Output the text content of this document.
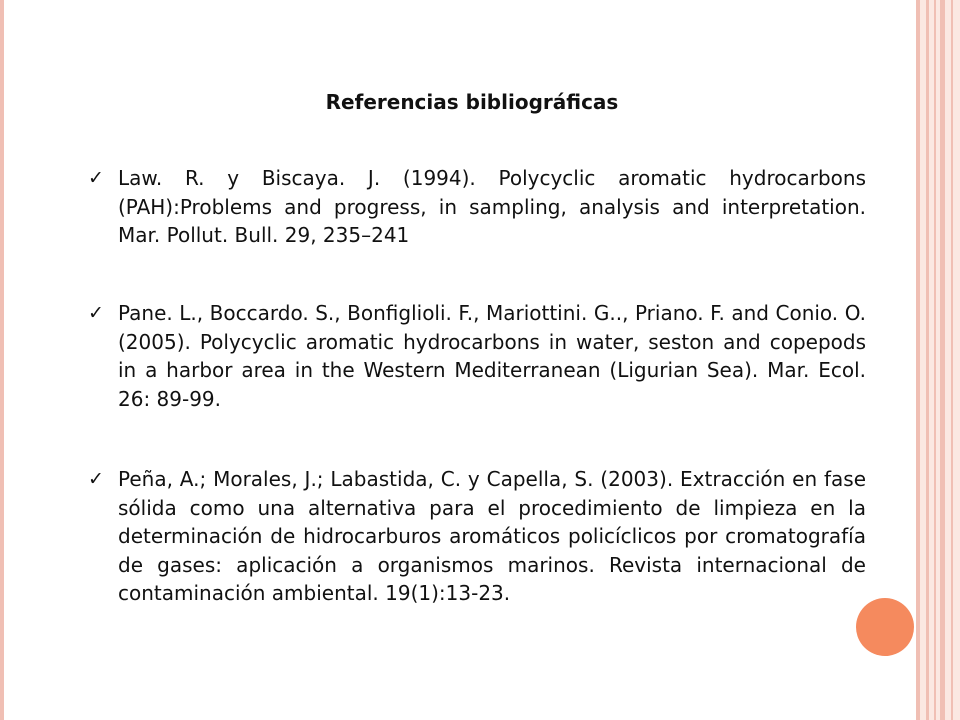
Referencias bibliográficas
✓ Law. R. y Biscaya. J. (1994). Polycyclic aromatic hydrocarbons (PAH):Problems and progress, in sampling, analysis and interpretation. Mar. Pollut. Bull. 29, 235–241
✓ Pane. L., Boccardo. S., Bonfiglioli. F., Mariottini. G.., Priano. F. and Conio. O. (2005). Polycyclic aromatic hydrocarbons in water, seston and copepods in a harbor area in the Western Mediterranean (Ligurian Sea). Mar. Ecol. 26: 89-99.
✓ Peña, A.; Morales, J.; Labastida, C. y Capella, S. (2003). Extracción en fase sólida como una alternativa para el procedimiento de limpieza en la determinación de hidrocarburos aromáticos policíclicos por cromatografía de gases: aplicación a organismos marinos. Revista internacional de contaminación ambiental. 19(1):13-23.
